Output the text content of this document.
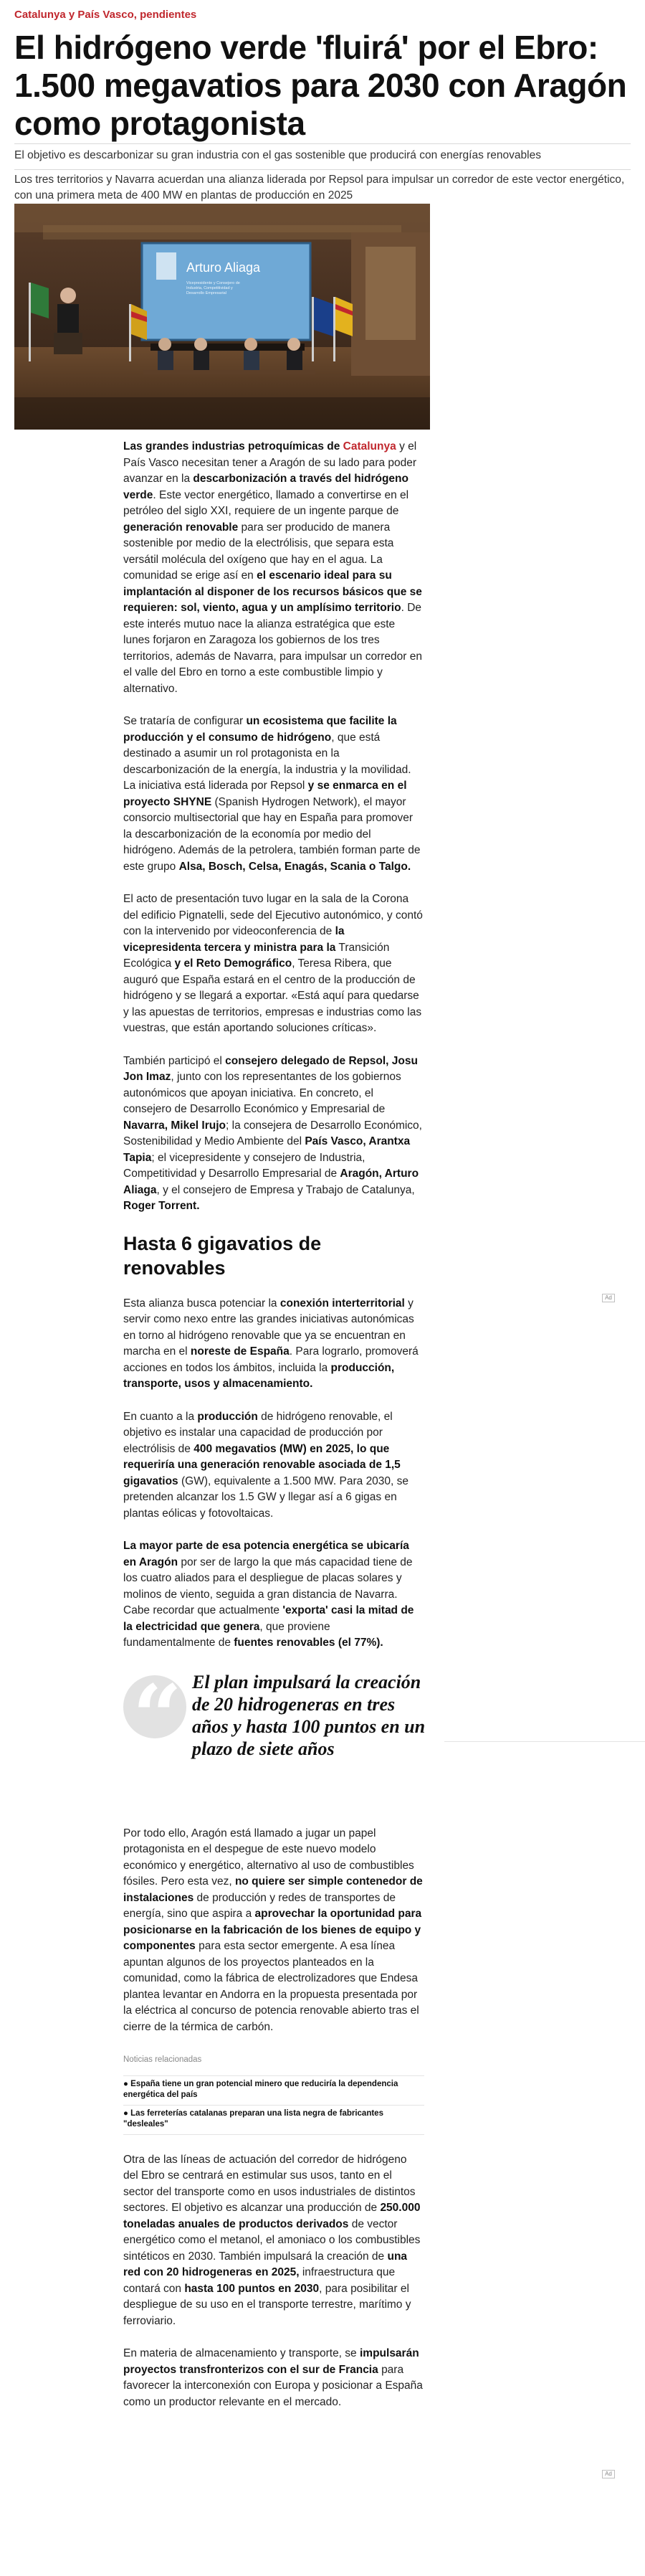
Catalunya y País Vasco, pendientes
El hidrógeno verde 'fluirá' por el Ebro: 1.500 megavatios para 2030 con Aragón como protagonista

El objetivo es descarbonizar su gran industria con el gas sostenible que producirá con energías renovables

Los tres territorios y Navarra acuerdan una alianza liderada por Repsol para impulsar un corredor de este vector energético, con una primera meta de 400 MW en plantas de producción en 2025

Arturo Aliaga
Vicepresidente y Consejero de Industria, Competitividad y Desarrollo Empresarial

Las grandes industrias petroquímicas de Catalunya y el País Vasco necesitan tener a Aragón de su lado para poder avanzar en la descarbonización a través del hidrógeno verde. Este vector energético, llamado a convertirse en el petróleo del siglo XXI, requiere de un ingente parque de generación renovable para ser producido de manera sostenible por medio de la electrólisis, que separa esta versátil molécula del oxígeno que hay en el agua. La comunidad se erige así en el escenario ideal para su implantación al disponer de los recursos básicos que se requieren: sol, viento, agua y un amplísimo territorio. De este interés mutuo nace la alianza estratégica que este lunes forjaron en Zaragoza los gobiernos de los tres territorios, además de Navarra, para impulsar un corredor en el valle del Ebro en torno a este combustible limpio y alternativo.

Se trataría de configurar un ecosistema que facilite la producción y el consumo de hidrógeno, que está destinado a asumir un rol protagonista en la descarbonización de la energía, la industria y la movilidad. La iniciativa está liderada por Repsol y se enmarca en el proyecto SHYNE (Spanish Hydrogen Network), el mayor consorcio multisectorial que hay en España para promover la descarbonización de la economía por medio del hidrógeno. Además de la petrolera, también forman parte de este grupo Alsa, Bosch, Celsa, Enagás, Scania o Talgo.

El acto de presentación tuvo lugar en la sala de la Corona del edificio Pignatelli, sede del Ejecutivo autonómico, y contó con la intervenido por videoconferencia de la vicepresidenta tercera y ministra para la Transición Ecológica y el Reto Demográfico, Teresa Ribera, que auguró que España estará en el centro de la producción de hidrógeno y se llegará a exportar. «Está aquí para quedarse y las apuestas de territorios, empresas e industrias como las vuestras, que están aportando soluciones críticas».

También participó el consejero delegado de Repsol, Josu Jon Imaz, junto con los representantes de los gobiernos autonómicos que apoyan iniciativa. En concreto, el consejero de Desarrollo Económico y Empresarial de Navarra, Mikel Irujo; la consejera de Desarrollo Económico, Sostenibilidad y Medio Ambiente del País Vasco, Arantxa Tapia; el vicepresidente y consejero de Industria, Competitividad y Desarrollo Empresarial de Aragón, Arturo Aliaga, y el consejero de Empresa y Trabajo de Catalunya, Roger Torrent.

Hasta 6 gigavatios de renovables

Esta alianza busca potenciar la conexión interterritorial y servir como nexo entre las grandes iniciativas autonómicas en torno al hidrógeno renovable que ya se encuentran en marcha en el noreste de España. Para lograrlo, promoverá acciones en todos los ámbitos, incluida la producción, transporte, usos y almacenamiento.

En cuanto a la producción de hidrógeno renovable, el objetivo es instalar una capacidad de producción por electrólisis de 400 megavatios (MW) en 2025, lo que requeriría una generación renovable asociada de 1,5 gigavatios (GW), equivalente a 1.500 MW. Para 2030, se pretenden alcanzar los 1.5 GW y llegar así a 6 gigas en plantas eólicas y fotovoltaicas.

La mayor parte de esa potencia energética se ubicaría en Aragón por ser de largo la que más capacidad tiene de los cuatro aliados para el despliegue de placas solares y molinos de viento, seguida a gran distancia de Navarra. Cabe recordar que actualmente 'exporta' casi la mitad de la electricidad que genera, que proviene fundamentalmente de fuentes renovables (el 77%).

“ El plan impulsará la creación de 20 hidrogeneras en tres años y hasta 100 puntos en un plazo de siete años

Por todo ello, Aragón está llamado a jugar un papel protagonista en el despegue de este nuevo modelo económico y energético, alternativo al uso de combustibles fósiles. Pero esta vez, no quiere ser simple contenedor de instalaciones de producción y redes de transportes de energía, sino que aspira a aprovechar la oportunidad para posicionarse en la fabricación de los bienes de equipo y componentes para esta sector emergente. A esa línea apuntan algunos de los proyectos planteados en la comunidad, como la fábrica de electrolizadores que Endesa plantea levantar en Andorra en la propuesta presentada por la eléctrica al concurso de potencia renovable abierto tras el cierre de la térmica de carbón.

Noticias relacionadas
● España tiene un gran potencial minero que reduciría la dependencia energética del país
● Las ferreterías catalanas preparan una lista negra de fabricantes "desleales"

Otra de las líneas de actuación del corredor de hidrógeno del Ebro se centrará en estimular sus usos, tanto en el sector del transporte como en usos industriales de distintos sectores. El objetivo es alcanzar una producción de 250.000 toneladas anuales de productos derivados de vector energético como el metanol, el amoniaco o los combustibles sintéticos en 2030. También impulsará la creación de una red con 20 hidrogeneras en 2025, infraestructura que contará con hasta 100 puntos en 2030, para posibilitar el despliegue de su uso en el transporte terrestre, marítimo y ferroviario.

En materia de almacenamiento y transporte, se impulsarán proyectos transfronterizos con el sur de Francia para favorecer la interconexión con Europa y posicionar a España como un productor relevante en el mercado.

Ad
Ad
